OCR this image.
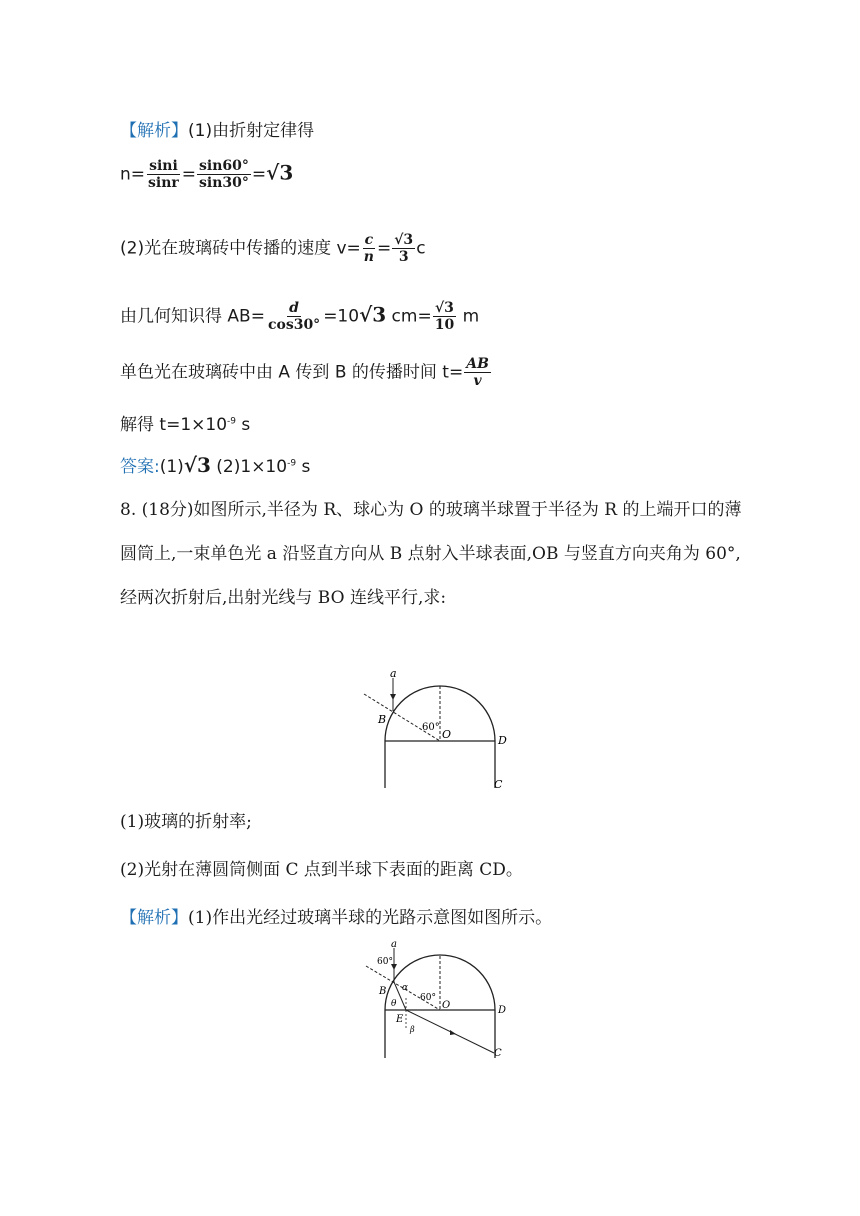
【解析】(1)由折射定律得
$n= \frac{\sin i}{\sin r} = \frac{\sin 60^\circ}{\sin 30^\circ} =√3$
(2)光在玻璃砖中传播的速度 $v= \frac{c}{n} = \frac{√3}{3}$ c
由几何知识得 $AB= \frac{d}{\cos 30^\circ} =10√3$ $cm= \frac{√3}{10}$ m
单色光在玻璃砖中由 A 传到 B 的传播时间 $t= \frac{AB}{v}$
解得 $t=1\times 10^{-9}$ s
答案:(1)√3 $(2)1\times 10^{-9}$ s
8. (18分)如图所示,半径为 R、球心为 O 的玻璃半球置于半径为 R 的上端开口的薄圆筒上,一束单色光 a 沿竖直方向从 B 点射入半球表面,OB 与竖直方向夹角为 60°,经两次折射后,出射光线与 BO 连线平行,求:
a
B
60°
O	D
C
(1)玻璃的折射率;
(2)光射在薄圆筒侧面 C 点到半球下表面的距离 CD。
【解析】(1)作出光经过玻璃半球的光路示意图如图所示。
60°
a
B α
θ
60°
O	D
E
β
C
